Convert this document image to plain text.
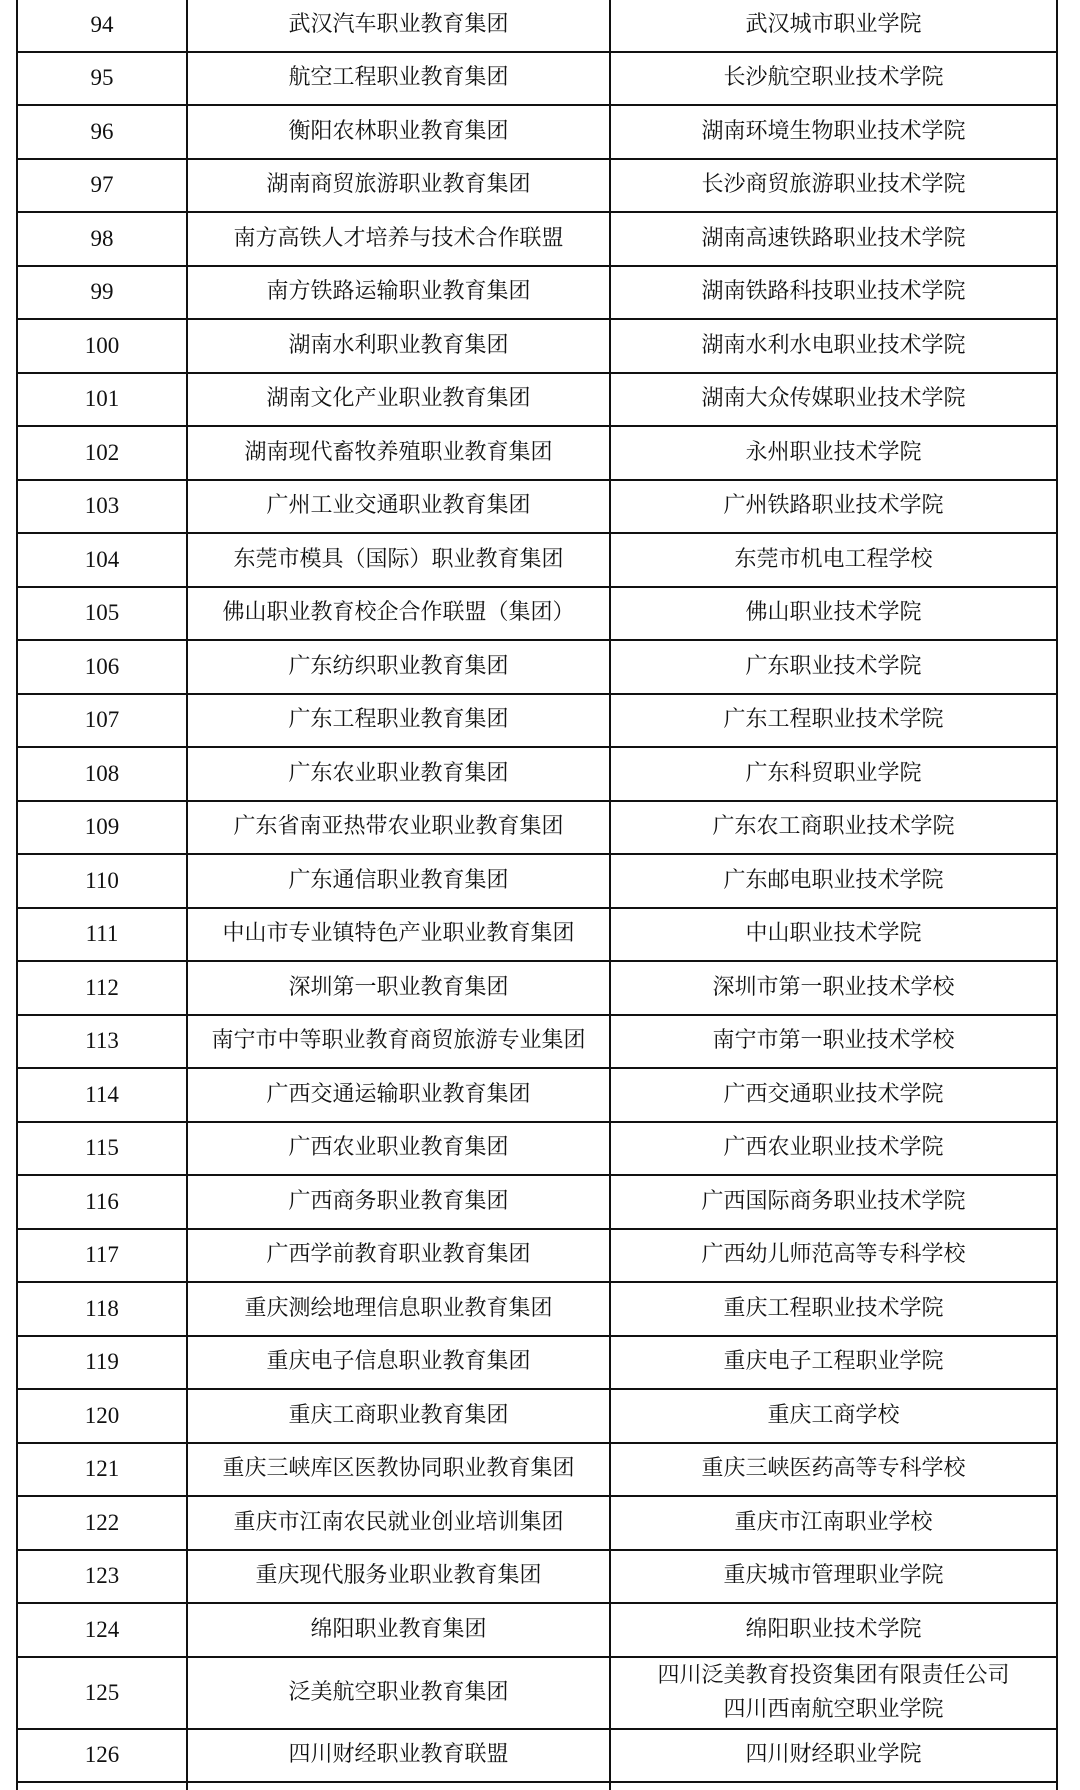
94	武汉汽车职业教育集团	武汉城市职业学院

95	航空工程职业教育集团	长沙航空职业技术学院

96	衡阳农林职业教育集团	湖南环境生物职业技术学院

97	湖南商贸旅游职业教育集团	长沙商贸旅游职业技术学院

98	南方高铁人才培养与技术合作联盟	湖南高速铁路职业技术学院

99	南方铁路运输职业教育集团	湖南铁路科技职业技术学院

100	湖南水利职业教育集团	湖南水利水电职业技术学院

101	湖南文化产业职业教育集团	湖南大众传媒职业技术学院

102	湖南现代畜牧养殖职业教育集团	永州职业技术学院

103	广州工业交通职业教育集团	广州铁路职业技术学院

104	东莞市模具（国际）职业教育集团	东莞市机电工程学校

105	佛山职业教育校企合作联盟（集团）	佛山职业技术学院

106	广东纺织职业教育集团	广东职业技术学院

107	广东工程职业教育集团	广东工程职业技术学院

108	广东农业职业教育集团	广东科贸职业学院

109	广东省南亚热带农业职业教育集团	广东农工商职业技术学院

110	广东通信职业教育集团	广东邮电职业技术学院

111	中山市专业镇特色产业职业教育集团	中山职业技术学院

112	深圳第一职业教育集团	深圳市第一职业技术学校

113	南宁市中等职业教育商贸旅游专业集团	南宁市第一职业技术学校

114	广西交通运输职业教育集团	广西交通职业技术学院

115	广西农业职业教育集团	广西农业职业技术学院

116	广西商务职业教育集团	广西国际商务职业技术学院

117	广西学前教育职业教育集团	广西幼儿师范高等专科学校

118	重庆测绘地理信息职业教育集团	重庆工程职业技术学院

119	重庆电子信息职业教育集团	重庆电子工程职业学院

120	重庆工商职业教育集团	重庆工商学校

121	重庆三峡库区医教协同职业教育集团	重庆三峡医药高等专科学校

122	重庆市江南农民就业创业培训集团	重庆市江南职业学校

123	重庆现代服务业职业教育集团	重庆城市管理职业学院

124	绵阳职业教育集团	绵阳职业技术学院

125	泛美航空职业教育集团	四川泛美教育投资集团有限责任公司
四川西南航空职业学院

126	四川财经职业教育联盟	四川财经职业学院
